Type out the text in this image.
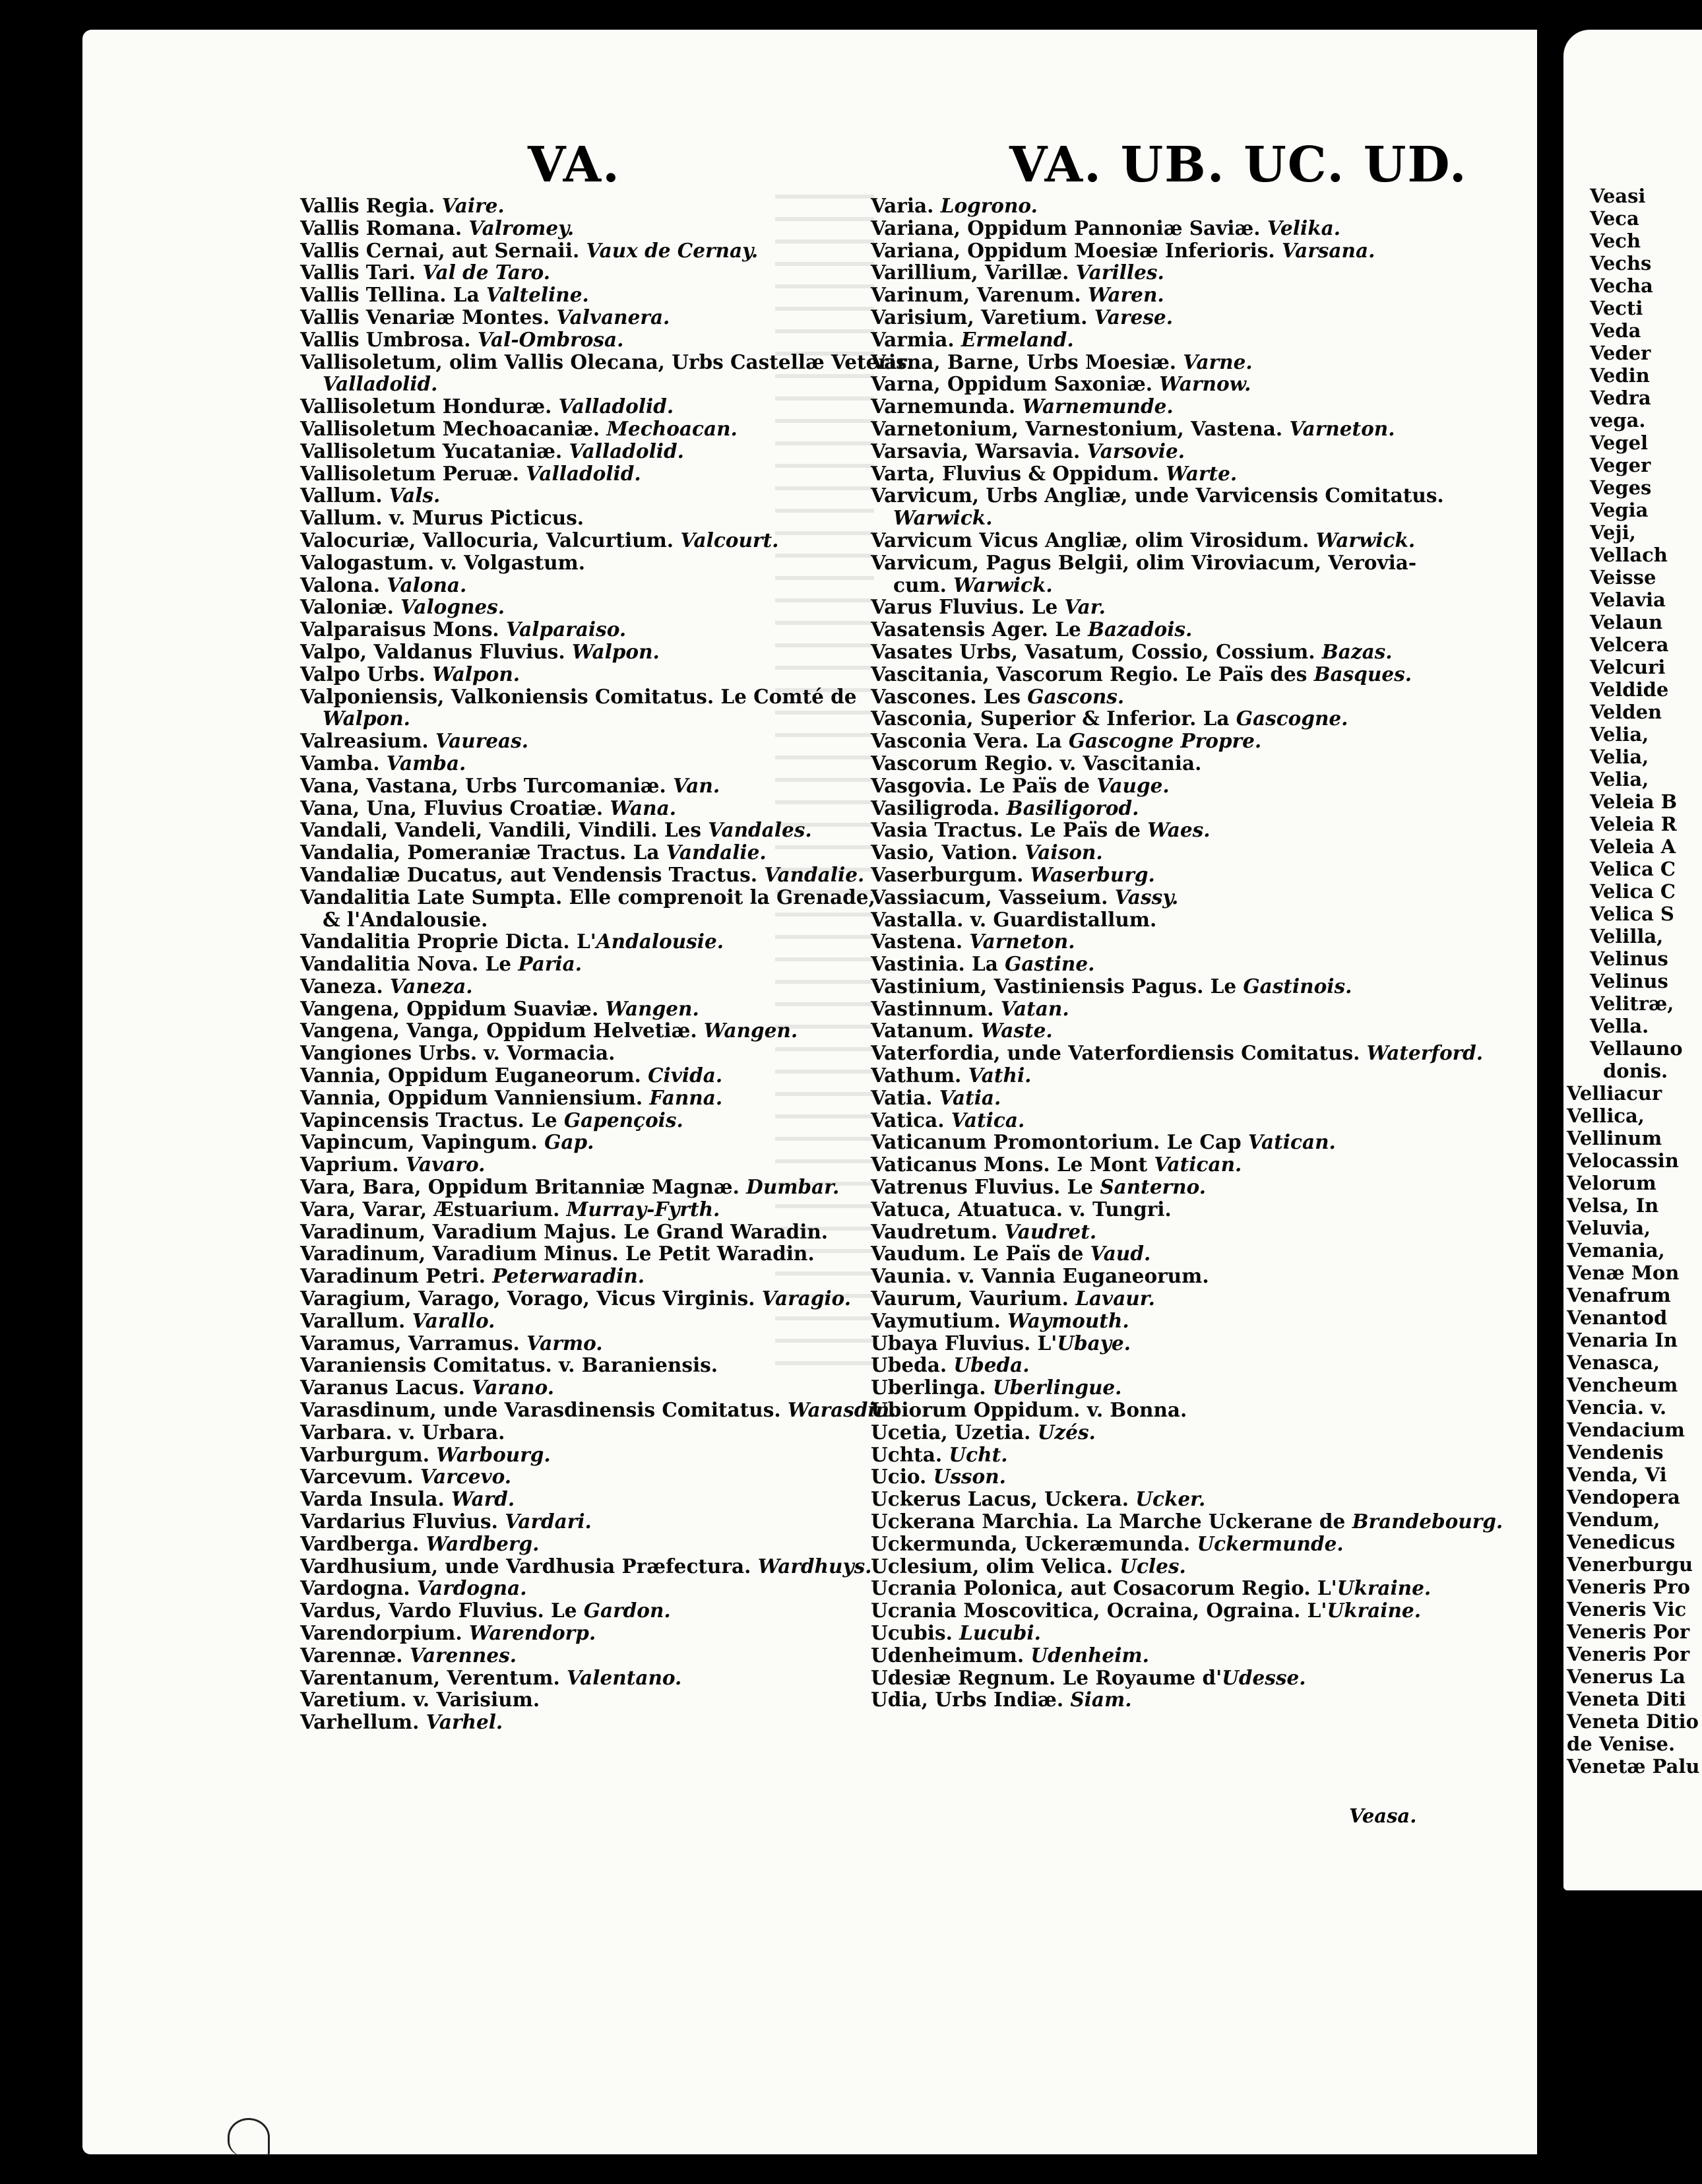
VA.	VA. UB. UC. UD.
Vallis Regia. Vaire.
Vallis Romana. Valromey.
Vallis Cernai, aut Sernaii. Vaux de Cernay.
Vallis Tari. Val de Taro.
Vallis Tellina. La Valteline.
Vallis Venariæ Montes. Valvanera.
Vallis Umbrosa. Val-Ombrosa.
Vallisoletum, olim Vallis Olecana, Urbs Castellæ Veteris.
Valladolid.
Vallisoletum Honduræ. Valladolid.
Vallisoletum Mechoacaniæ. Mechoacan.
Vallisoletum Yucataniæ. Valladolid.
Vallisoletum Peruæ. Valladolid.
Vallum. Vals.
Vallum. v. Murus Picticus.
Valocuriæ, Vallocuria, Valcurtium. Valcourt.
Valogastum. v. Volgastum.
Valona. Valona.
Valoniæ. Valognes.
Valparaisus Mons. Valparaiso.
Valpo, Valdanus Fluvius. Walpon.
Valpo Urbs. Walpon.
Valponiensis, Valkoniensis Comitatus. Le Comté de
Walpon.
Valreasium. Vaureas.
Vamba. Vamba.
Vana, Vastana, Urbs Turcomaniæ. Van.
Vana, Una, Fluvius Croatiæ. Wana.
Vandali, Vandeli, Vandili, Vindili. Les Vandales.
Vandalia, Pomeraniæ Tractus. La Vandalie.
Vandaliæ Ducatus, aut Vendensis Tractus. Vandalie.
Vandalitia Late Sumpta. Elle comprenoit la Grenade,
& l'Andalousie.
Vandalitia Proprie Dicta. L'Andalousie.
Vandalitia Nova. Le Paria.
Vaneza. Vaneza.
Vangena, Oppidum Suaviæ. Wangen.
Vangena, Vanga, Oppidum Helvetiæ. Wangen.
Vangiones Urbs. v. Vormacia.
Vannia, Oppidum Euganeorum. Civida.
Vannia, Oppidum Vanniensium. Fanna.
Vapincensis Tractus. Le Gapençois.
Vapincum, Vapingum. Gap.
Vaprium. Vavaro.
Vara, Bara, Oppidum Britanniæ Magnæ. Dumbar.
Vara, Varar, Æstuarium. Murray-Fyrth.
Varadinum, Varadium Majus. Le Grand Waradin.
Varadinum, Varadium Minus. Le Petit Waradin.
Varadinum Petri. Peterwaradin.
Varagium, Varago, Vorago, Vicus Virginis. Varagio.
Varallum. Varallo.
Varamus, Varramus. Varmo.
Varaniensis Comitatus. v. Baraniensis.
Varanus Lacus. Varano.
Varasdinum, unde Varasdinensis Comitatus. Warasdin.
Varbara. v. Urbara.
Varburgum. Warbourg.
Varcevum. Varcevo.
Varda Insula. Ward.
Vardarius Fluvius. Vardari.
Vardberga. Wardberg.
Vardhusium, unde Vardhusia Præfectura. Wardhuys.
Vardogna. Vardogna.
Vardus, Vardo Fluvius. Le Gardon.
Varendorpium. Warendorp.
Varennæ. Varennes.
Varentanum, Verentum. Valentano.
Varetium. v. Varisium.
Varhellum. Varhel.
Varia. Logrono.
Variana, Oppidum Pannoniæ Saviæ. Velika.
Variana, Oppidum Moesiæ Inferioris. Varsana.
Varillium, Varillæ. Varilles.
Varinum, Varenum. Waren.
Varisium, Varetium. Varese.
Varmia. Ermeland.
Varna, Barne, Urbs Moesiæ. Varne.
Varna, Oppidum Saxoniæ. Warnow.
Varnemunda. Warnemunde.
Varnetonium, Varnestonium, Vastena. Varneton.
Varsavia, Warsavia. Varsovie.
Varta, Fluvius & Oppidum. Warte.
Varvicum, Urbs Angliæ, unde Varvicensis Comitatus.
Warwick.
Varvicum Vicus Angliæ, olim Virosidum. Warwick.
Varvicum, Pagus Belgii, olim Viroviacum, Verovia-
cum. Warwick.
Varus Fluvius. Le Var.
Vasatensis Ager. Le Bazadois.
Vasates Urbs, Vasatum, Cossio, Cossium. Bazas.
Vascitania, Vascorum Regio. Le Païs des Basques.
Vascones. Les Gascons.
Vasconia, Superior & Inferior. La Gascogne.
Vasconia Vera. La Gascogne Propre.
Vascorum Regio. v. Vascitania.
Vasgovia. Le Païs de Vauge.
Vasiligroda. Basiligorod.
Vasia Tractus. Le Païs de Waes.
Vasio, Vation. Vaison.
Vaserburgum. Waserburg.
Vassiacum, Vasseium. Vassy.
Vastalla. v. Guardistallum.
Vastena. Varneton.
Vastinia. La Gastine.
Vastinium, Vastiniensis Pagus. Le Gastinois.
Vastinnum. Vatan.
Vatanum. Waste.
Vaterfordia, unde Vaterfordiensis Comitatus. Waterford.
Vathum. Vathi.
Vatia. Vatia.
Vatica. Vatica.
Vaticanum Promontorium. Le Cap Vatican.
Vaticanus Mons. Le Mont Vatican.
Vatrenus Fluvius. Le Santerno.
Vatuca, Atuatuca. v. Tungri.
Vaudretum. Vaudret.
Vaudum. Le Païs de Vaud.
Vaunia. v. Vannia Euganeorum.
Vaurum, Vaurium. Lavaur.
Vaymutium. Waymouth.
Ubaya Fluvius. L'Ubaye.
Ubeda. Ubeda.
Uberlinga. Uberlingue.
Ubiorum Oppidum. v. Bonna.
Ucetia, Uzetia. Uzés.
Uchta. Ucht.
Ucio. Usson.
Uckerus Lacus, Uckera. Ucker.
Uckerana Marchia. La Marche Uckerane de Brandebourg.
Uckermunda, Uckeræmunda. Uckermunde.
Uclesium, olim Velica. Ucles.
Ucrania Polonica, aut Cosacorum Regio. L'Ukraine.
Ucrania Moscovitica, Ocraina, Ograina. L'Ukraine.
Ucubis. Lucubi.
Udenheimum. Udenheim.
Udesiæ Regnum. Le Royaume d'Udesse.
Udia, Urbs Indiæ. Siam.
Veasa.
Veasi
Veca
Vech
Vechs
Vecha
Vecti
Veda
Veder
Vedin
Vedra
vega.
Vegel
Veger
Veges
Vegia
Veji,
Vellach
Veisse
Velavia
Velaun
Velcera
Velcuri
Veldide
Velden
Velia,
Velia,
Velia,
Veleia B
Veleia R
Veleia A
Velica C
Velica C
Velica S
Velilla,
Velinus
Velinus
Velitræ,
Vella.
Vellauno
donis.
Velliacur
Vellica,
Vellinum
Velocassin
Velorum
Velsa, In
Veluvia,
Vemania,
Venæ Mon
Venafrum
Venantod
Venaria In
Venasca,
Vencheum
Vencia. v.
Vendacium
Vendenis
Venda, Vi
Vendopera
Vendum,
Venedicus
Venerburgu
Veneris Pro
Veneris Vic
Veneris Por
Veneris Por
Venerus La
Veneta Diti
Veneta Ditio
de Venise.
Venetæ Palu
